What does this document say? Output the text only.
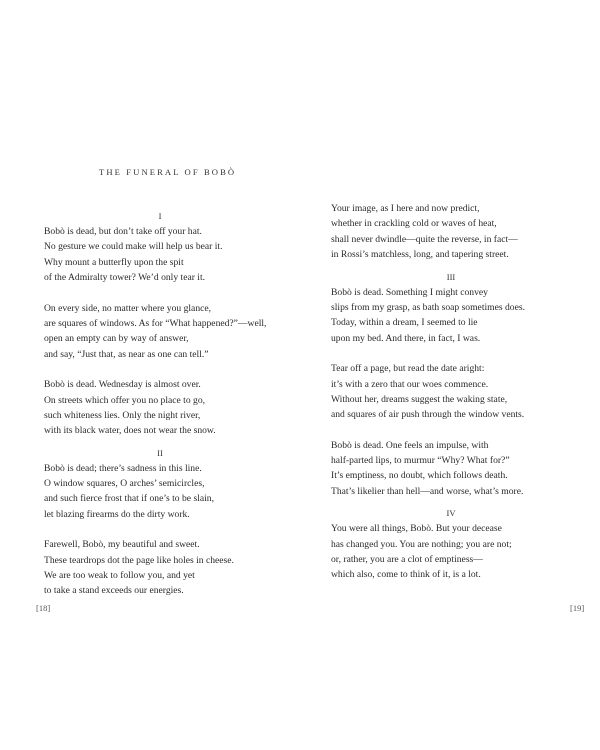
THE FUNERAL OF BOBÒ
I
Bobò is dead, but don’t take off your hat.
No gesture we could make will help us bear it.
Why mount a butterfly upon the spit
of the Admiralty tower? We’d only tear it.
On every side, no matter where you glance,
are squares of windows. As for “What happened?”—well,
open an empty can by way of answer,
and say, “Just that, as near as one can tell.”
Bobò is dead. Wednesday is almost over.
On streets which offer you no place to go,
such whiteness lies. Only the night river,
with its black water, does not wear the snow.
II
Bobò is dead; there’s sadness in this line.
O window squares, O arches’ semicircles,
and such fierce frost that if one’s to be slain,
let blazing firearms do the dirty work.
Farewell, Bobò, my beautiful and sweet.
These teardrops dot the page like holes in cheese.
We are too weak to follow you, and yet
to take a stand exceeds our energies.
[18]
Your image, as I here and now predict,
whether in crackling cold or waves of heat,
shall never dwindle—quite the reverse, in fact—
in Rossi’s matchless, long, and tapering street.
III
Bobò is dead. Something I might convey
slips from my grasp, as bath soap sometimes does.
Today, within a dream, I seemed to lie
upon my bed. And there, in fact, I was.
Tear off a page, but read the date aright:
it’s with a zero that our woes commence.
Without her, dreams suggest the waking state,
and squares of air push through the window vents.
Bobò is dead. One feels an impulse, with
half-parted lips, to murmur “Why? What for?”
It’s emptiness, no doubt, which follows death.
That’s likelier than hell—and worse, what’s more.
IV
You were all things, Bobò. But your decease
has changed you. You are nothing; you are not;
or, rather, you are a clot of emptiness—
which also, come to think of it, is a lot.
[19]
